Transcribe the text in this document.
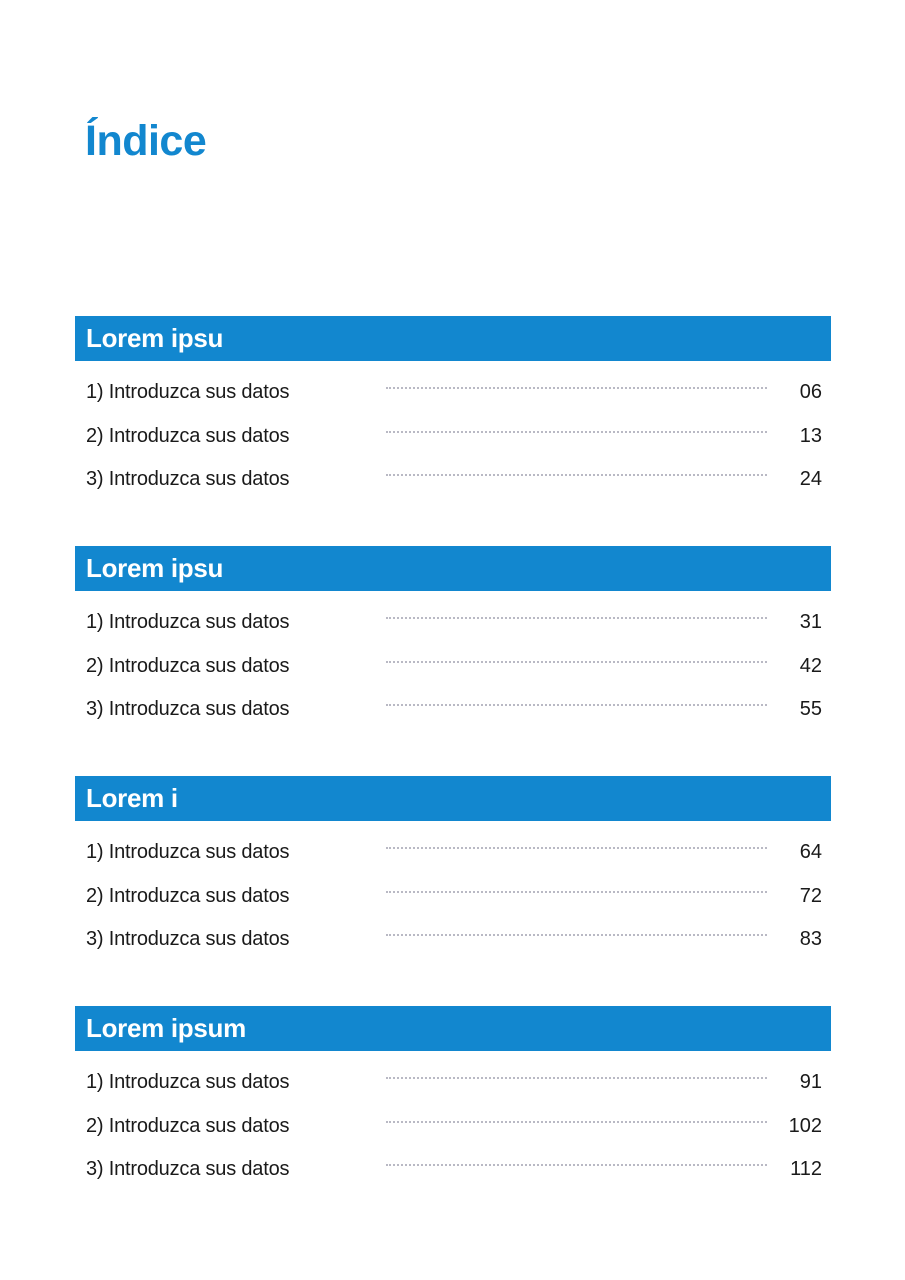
Índice
Lorem ipsu
1) Introduzca sus datos	06
2) Introduzca sus datos	13
3) Introduzca sus datos	24
Lorem ipsu
1) Introduzca sus datos	31
2) Introduzca sus datos	42
3) Introduzca sus datos	55
Lorem i
1) Introduzca sus datos	64
2) Introduzca sus datos	72
3) Introduzca sus datos	83
Lorem ipsum
1) Introduzca sus datos	91
2) Introduzca sus datos	102
3) Introduzca sus datos	112
